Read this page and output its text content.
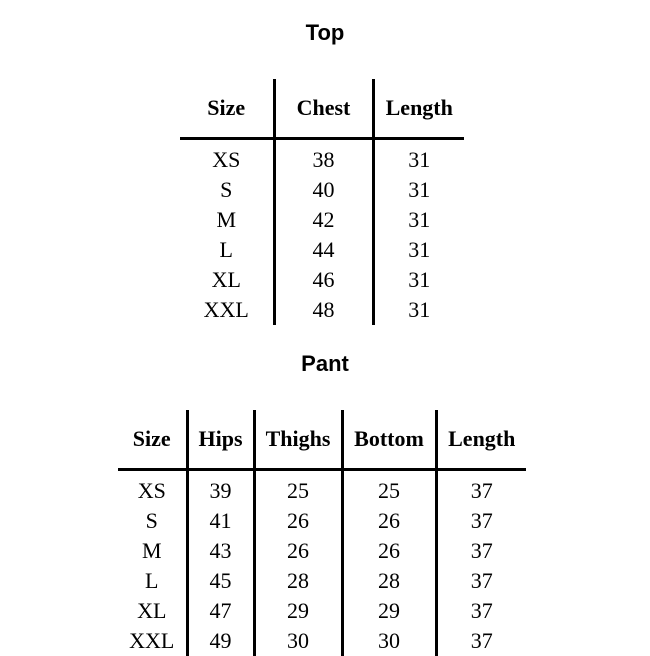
Top
Size	Chest	Length
XS	38	31
S	40	31
M	42	31
L	44	31
XL	46	31
XXL	48	31
Pant
Size	Hips	Thighs	Bottom	Length
XS	39	25	25	37
S	41	26	26	37
M	43	26	26	37
L	45	28	28	37
XL	47	29	29	37
XXL	49	30	30	37
